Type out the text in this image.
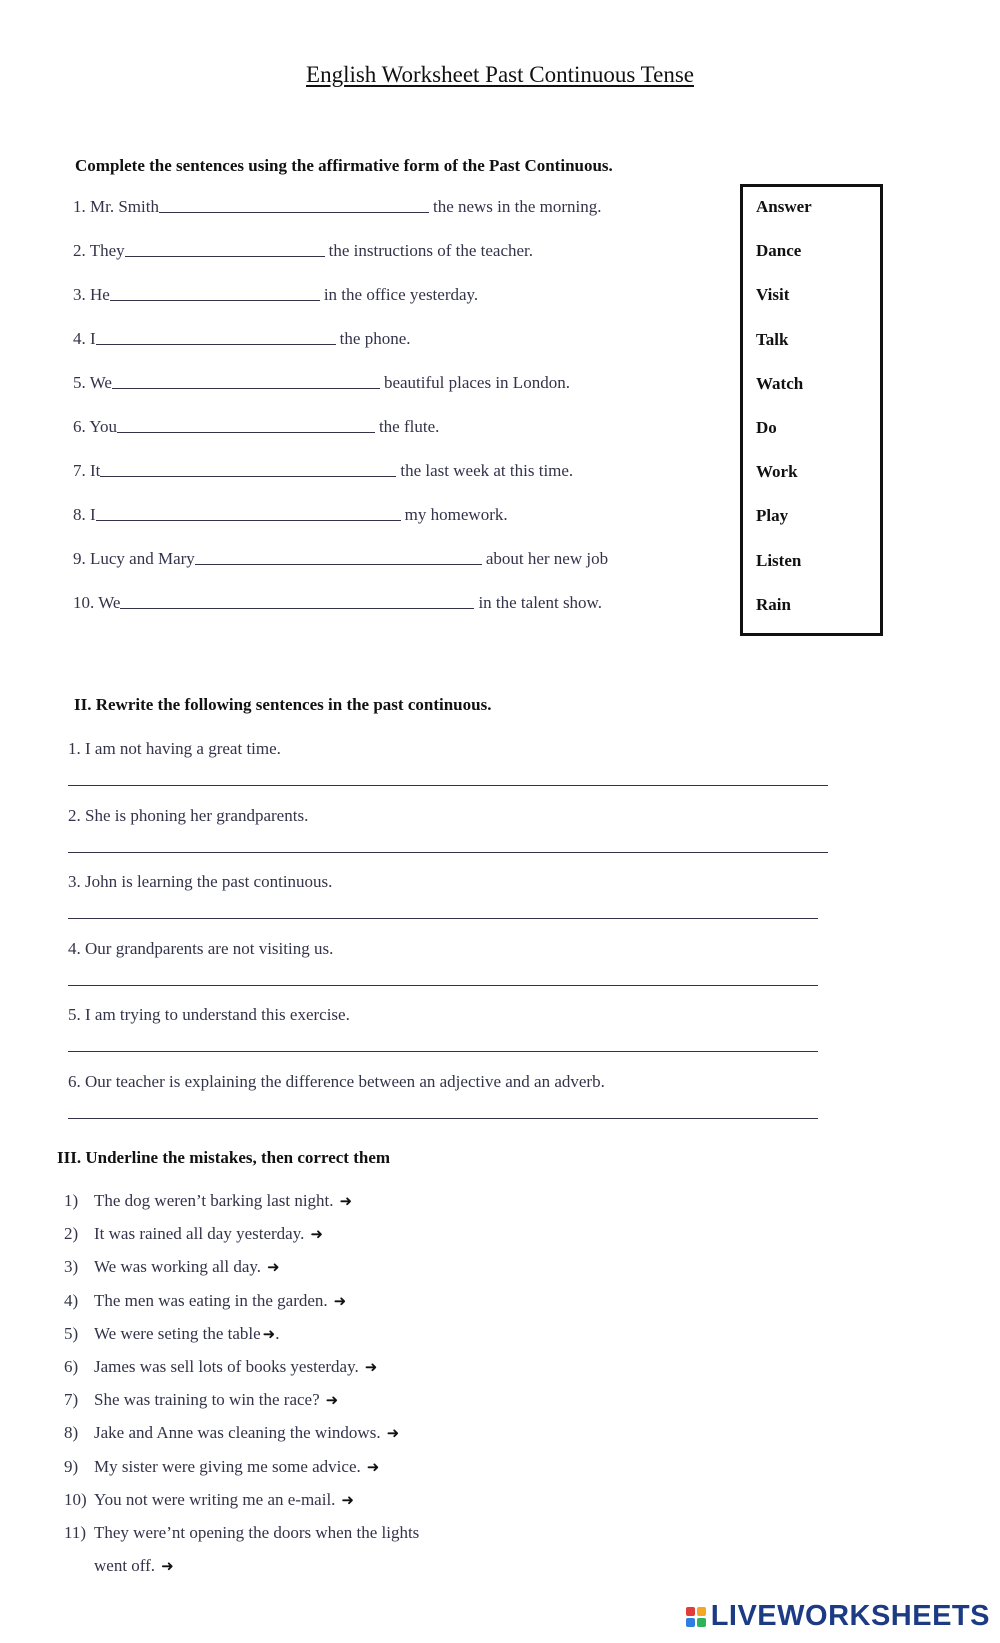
English Worksheet Past Continuous Tense
Complete the sentences using the affirmative form of the Past Continuous.
1. Mr. Smith	the news in the morning.
2. They	the instructions of the teacher.
3. He	in the office yesterday.
4. I	the phone.
5. We	beautiful places in London.
6. You	the flute.
7. It	the last week at this time.
8. I	my homework.
9. Lucy and Mary	about her new job
10. We	in the talent show.
Answer
Dance
Visit
Talk
Watch
Do
Work
Play
Listen
Rain
II. Rewrite the following sentences in the past continuous.
1. I am not having a great time.
2. She is phoning her grandparents.
3. John is learning the past continuous.
4. Our grandparents are not visiting us.
5. I am trying to understand this exercise.
6. Our teacher is explaining the difference between an adjective and an adverb.
III. Underline the mistakes, then correct them
1) The dog weren’t barking last night. ➜
2) It was rained all day yesterday. ➜
3) We was working all day. ➜
4) The men was eating in the garden. ➜
5) We were seting the table ➜.
6) James was sell lots of books yesterday. ➜
7) She was training to win the race? ➜
8) Jake and Anne was cleaning the windows. ➜
9) My sister were giving me some advice. ➜
10) You not were writing me an e-mail. ➜
11) They were’nt opening the doors when the lights
went off. ➜
LIVEWORKSHEETS
